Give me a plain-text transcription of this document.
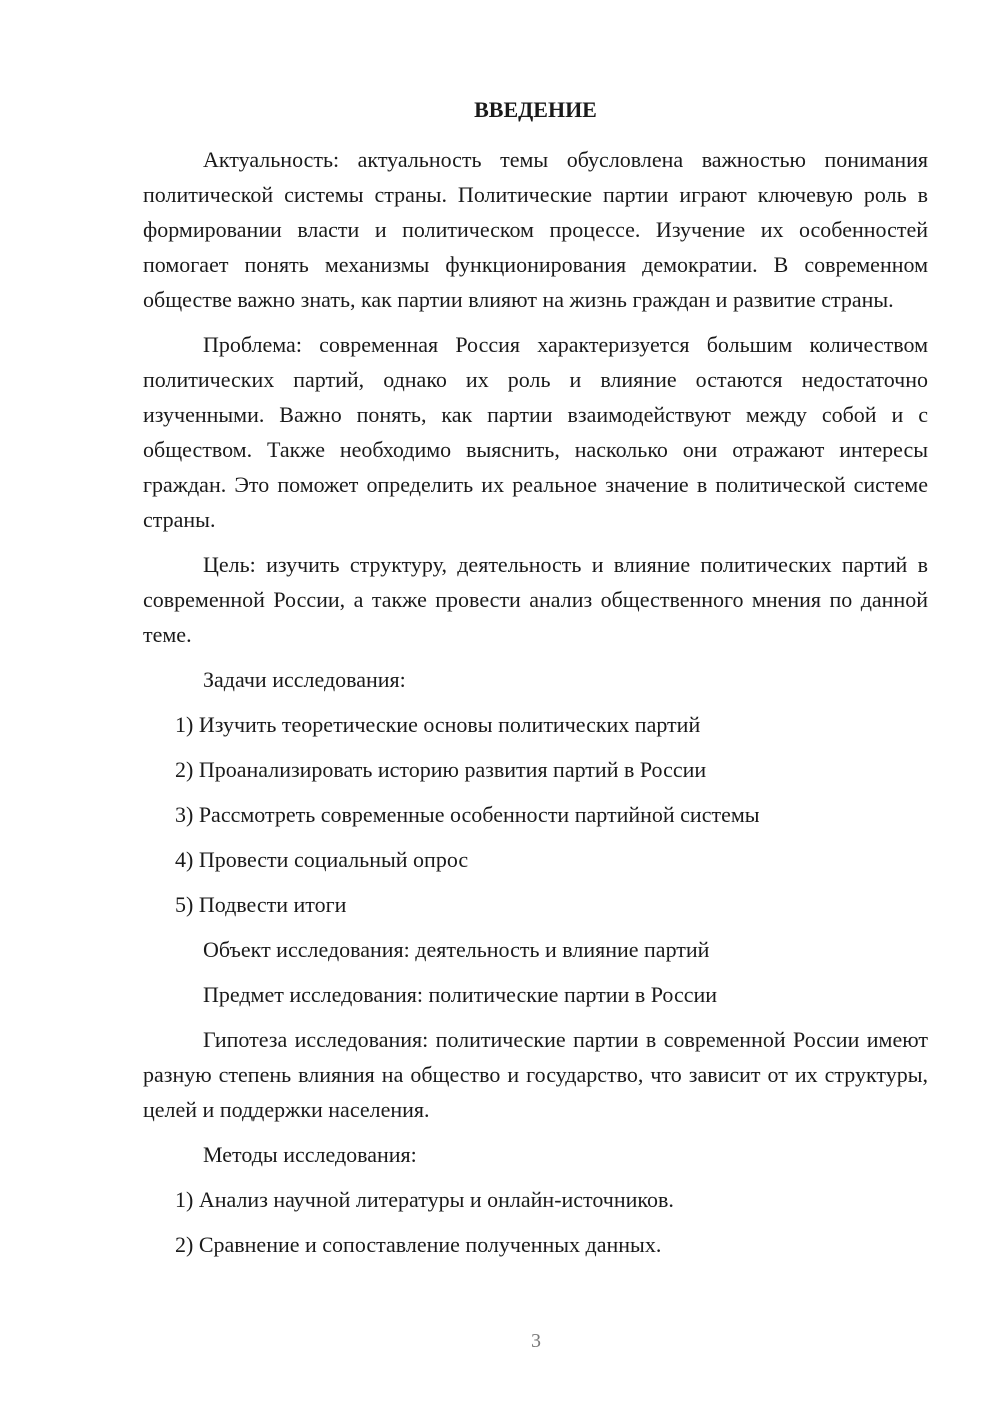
ВВЕДЕНИЕ

Актуальность: актуальность темы обусловлена важностью понимания политической системы страны. Политические партии играют ключевую роль в формировании власти и политическом процессе. Изучение их особенностей помогает понять механизмы функционирования демократии. В современном обществе важно знать, как партии влияют на жизнь граждан и развитие страны.

Проблема: современная Россия характеризуется большим количеством политических партий, однако их роль и влияние остаются недостаточно изученными. Важно понять, как партии взаимодействуют между собой и с обществом. Также необходимо выяснить, насколько они отражают интересы граждан. Это поможет определить их реальное значение в политической системе страны.

Цель: изучить структуру, деятельность и влияние политических партий в современной России, а также провести анализ общественного мнения по данной теме.

Задачи исследования:
1) Изучить теоретические основы политических партий
2) Проанализировать историю развития партий в России
3) Рассмотреть современные особенности партийной системы
4) Провести социальный опрос
5) Подвести итоги
Объект исследования: деятельность и влияние партий
Предмет исследования: политические партии в России

Гипотеза исследования: политические партии в современной России имеют разную степень влияния на общество и государство, что зависит от их структуры, целей и поддержки населения.

Методы исследования:
1) Анализ научной литературы и онлайн-источников.
2) Сравнение и сопоставление полученных данных.
3
